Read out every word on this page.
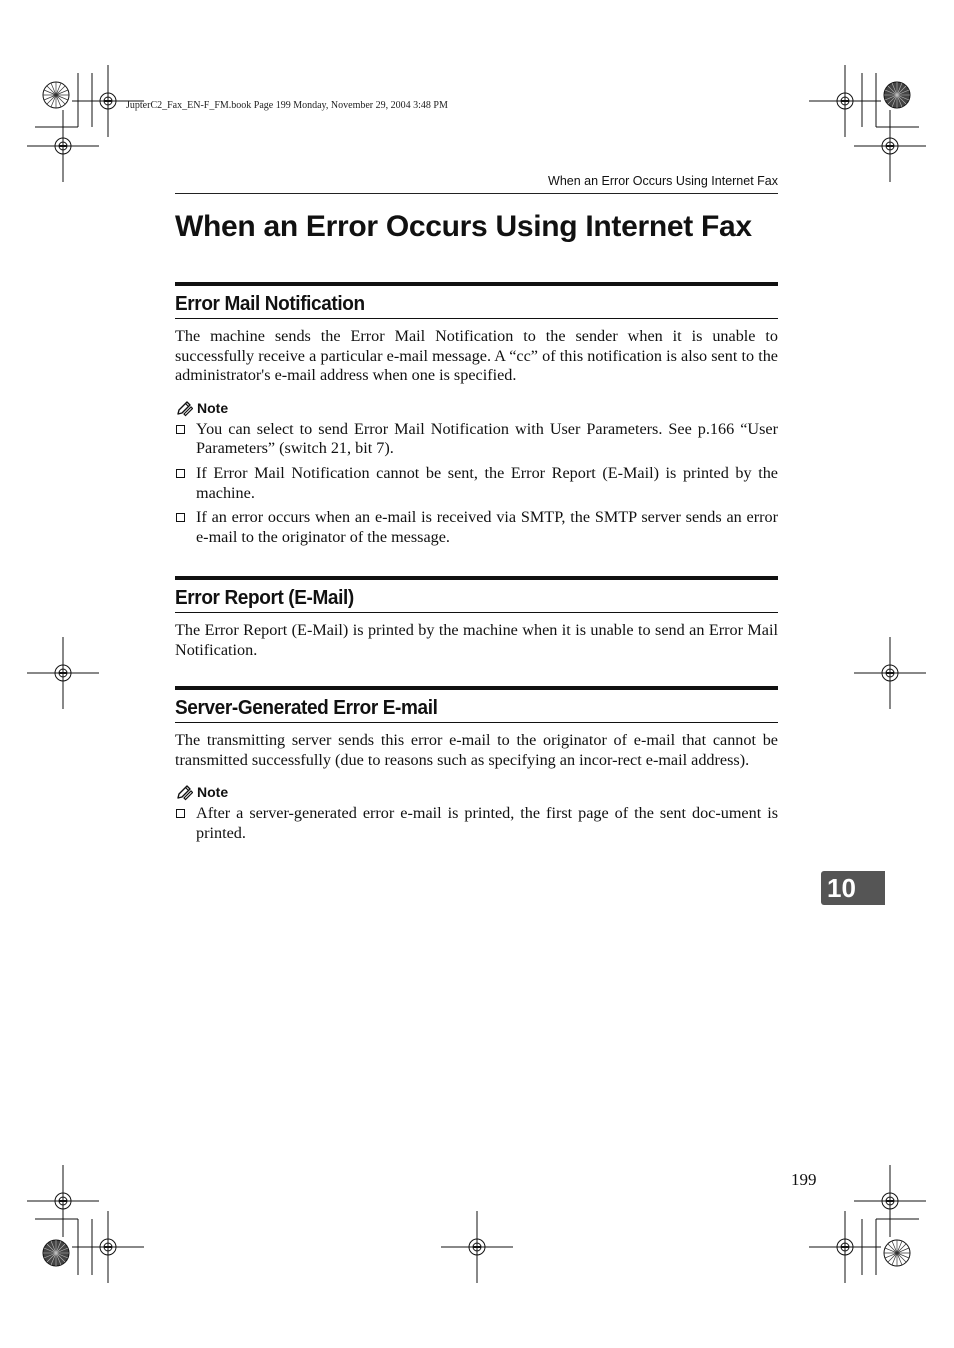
JupterC2_Fax_EN-F_FM.book Page 199 Monday, November 29, 2004 3:48 PM
When an Error Occurs Using Internet Fax
When an Error Occurs Using Internet Fax
Error Mail Notification

The machine sends the Error Mail Notification to the sender when it is unable to successfully receive a particular e-mail message. A “cc” of this notification is also sent to the administrator's e-mail address when one is specified.

Note
You can select to send Error Mail Notification with User Parameters. See p.166 “User Parameters” (switch 21, bit 7).
If Error Mail Notification cannot be sent, the Error Report (E-Mail) is printed by the machine.
If an error occurs when an e-mail is received via SMTP, the SMTP server sends an error e-mail to the originator of the message.
Error Report (E-Mail)

The Error Report (E-Mail) is printed by the machine when it is unable to send an Error Mail Notification.

Server-Generated Error E-mail

The transmitting server sends this error e-mail to the originator of e-mail that cannot be transmitted successfully (due to reasons such as specifying an incor-rect e-mail address).

Note
After a server-generated error e-mail is printed, the first page of the sent doc-ument is printed.
10
199
